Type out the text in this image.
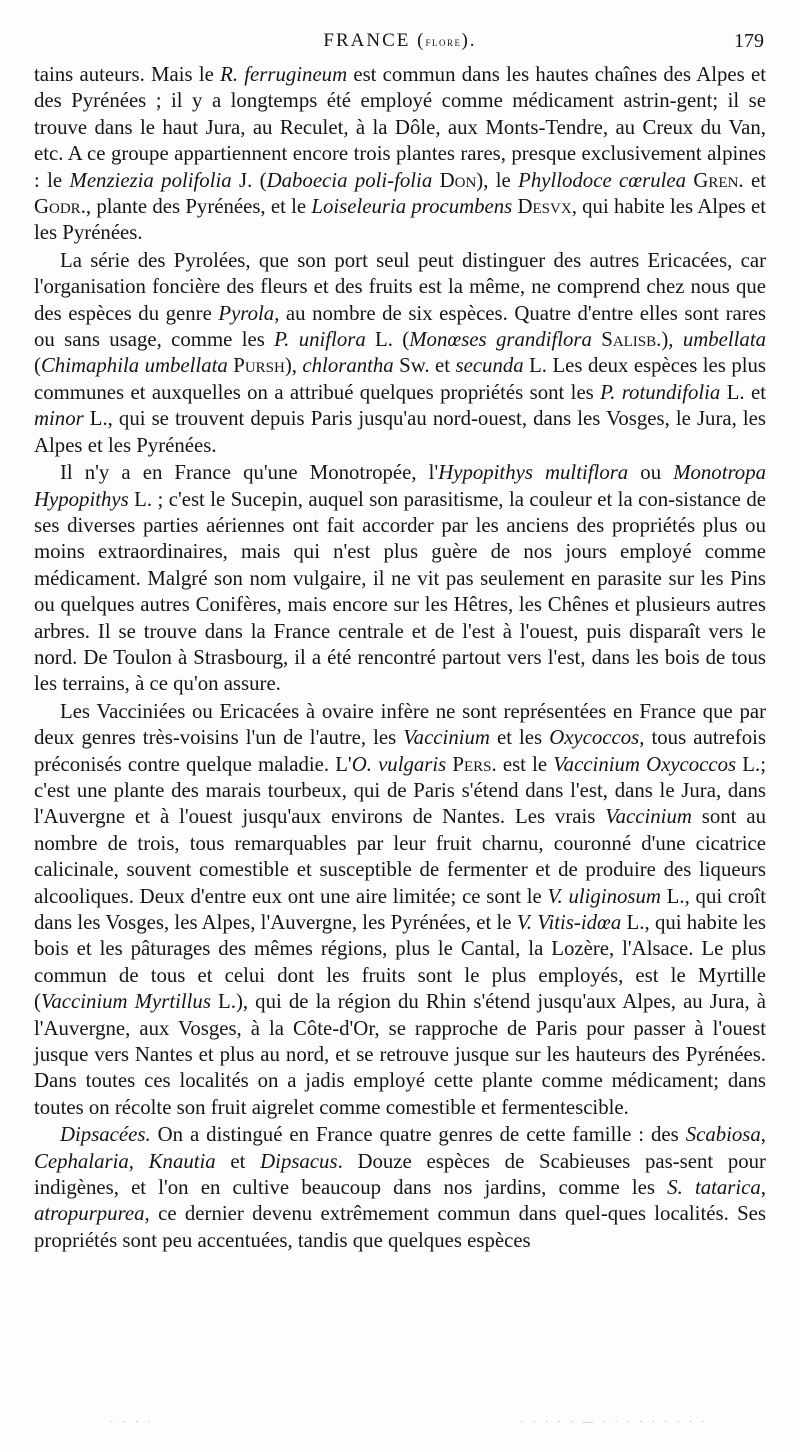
FRANCE (flore).	179

tains auteurs. Mais le R. ferrugineum est commun dans les hautes chaînes des Alpes et des Pyrénées ; il y a longtemps été employé comme médicament astrin-gent; il se trouve dans le haut Jura, au Reculet, à la Dôle, aux Monts-Tendre, au Creux du Van, etc. A ce groupe appartiennent encore trois plantes rares, presque exclusivement alpines : le Menziezia polifolia J. (Daboecia poli-folia Don), le Phyllodoce cœrulea Gren. et Godr., plante des Pyrénées, et le Loiseleuria procumbens Desvx, qui habite les Alpes et les Pyrénées.

La série des Pyrolées, que son port seul peut distinguer des autres Ericacées, car l'organisation foncière des fleurs et des fruits est la même, ne comprend chez nous que des espèces du genre Pyrola, au nombre de six espèces. Quatre d'entre elles sont rares ou sans usage, comme les P. uniflora L. (Monœses grandiflora Salisb.), umbellata (Chimaphila umbellata Pursh), chlorantha Sw. et secunda L. Les deux espèces les plus communes et auxquelles on a attribué quelques propriétés sont les P. rotundifolia L. et minor L., qui se trouvent depuis Paris jusqu'au nord-ouest, dans les Vosges, le Jura, les Alpes et les Pyrénées.

Il n'y a en France qu'une Monotropée, l'Hypopithys multiflora ou Monotropa Hypopithys L. ; c'est le Sucepin, auquel son parasitisme, la couleur et la con-sistance de ses diverses parties aériennes ont fait accorder par les anciens des propriétés plus ou moins extraordinaires, mais qui n'est plus guère de nos jours employé comme médicament. Malgré son nom vulgaire, il ne vit pas seulement en parasite sur les Pins ou quelques autres Conifères, mais encore sur les Hêtres, les Chênes et plusieurs autres arbres. Il se trouve dans la France centrale et de l'est à l'ouest, puis disparaît vers le nord. De Toulon à Strasbourg, il a été rencontré partout vers l'est, dans les bois de tous les terrains, à ce qu'on assure.

Les Vacciniées ou Ericacées à ovaire infère ne sont représentées en France que par deux genres très-voisins l'un de l'autre, les Vaccinium et les Oxycoccos, tous autrefois préconisés contre quelque maladie. L'O. vulgaris Pers. est le Vaccinium Oxycoccos L.; c'est une plante des marais tourbeux, qui de Paris s'étend dans l'est, dans le Jura, dans l'Auvergne et à l'ouest jusqu'aux environs de Nantes. Les vrais Vaccinium sont au nombre de trois, tous remarquables par leur fruit charnu, couronné d'une cicatrice calicinale, souvent comestible et susceptible de fermenter et de produire des liqueurs alcooliques. Deux d'entre eux ont une aire limitée; ce sont le V. uliginosum L., qui croît dans les Vosges, les Alpes, l'Auvergne, les Pyrénées, et le V. Vitis-idœa L., qui habite les bois et les pâturages des mêmes régions, plus le Cantal, la Lozère, l'Alsace. Le plus commun de tous et celui dont les fruits sont le plus employés, est le Myrtille (Vaccinium Myrtillus L.), qui de la région du Rhin s'étend jusqu'aux Alpes, au Jura, à l'Auvergne, aux Vosges, à la Côte-d'Or, se rapproche de Paris pour passer à l'ouest jusque vers Nantes et plus au nord, et se retrouve jusque sur les hauteurs des Pyrénées. Dans toutes ces localités on a jadis employé cette plante comme médicament; dans toutes on récolte son fruit aigrelet comme comestible et fermentescible.

Dipsacées. On a distingué en France quatre genres de cette famille : des Scabiosa, Cephalaria, Knautia et Dipsacus. Douze espèces de Scabieuses pas-sent pour indigènes, et l'on en cultive beaucoup dans nos jardins, comme les S. tatarica, atropurpurea, ce dernier devenu extrêmement commun dans quel-ques localités. Ses propriétés sont peu accentuées, tandis que quelques espèces

· · · ·	· · · · · — · · · · · · · · ·
